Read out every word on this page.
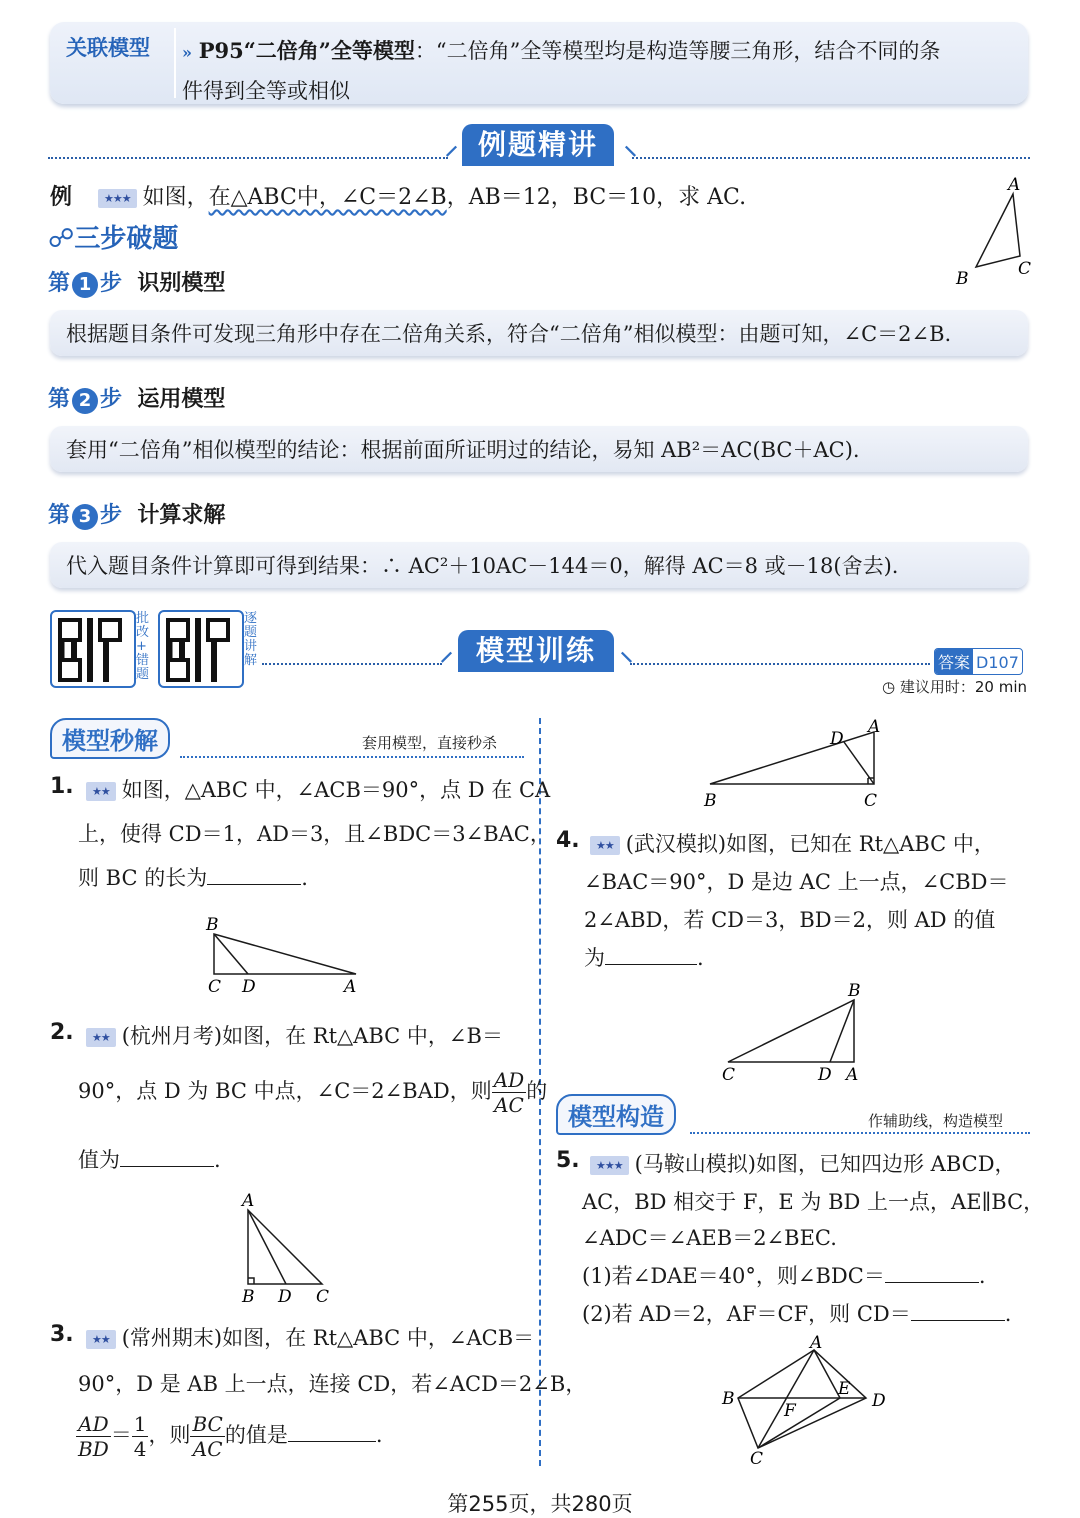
关联模型 » P95“二倍角”全等模型：“二倍角”全等模型均是构造等腰三角形，结合不同的条
件得到全等或相似
⸝ 例题精讲	⸜
例	★★★ 如图，在△ABC中，∠C＝2∠B，AB＝12，BC＝10，求 AC.	A
B	C
☍三步破题
第 1 步 识别模型
根据题目条件可发现三角形中存在二倍角关系，符合“二倍角”相似模型：由题可知，∠C＝2∠B.
第 2 步 运用模型
套用“二倍角”相似模型的结论：根据前面所证明过的结论，易知 AB²＝AC(BC＋AC).
第 3 步 计算求解
代入题目条件计算即可得到结果：∴ AC²＋10AC－144＝0，解得 AC＝8 或－18(舍去).
批
改
+
错
题
逐
题
讲
解	⸝ 模型训练 ⸜	答案 D107
◷ 建议用时：20 min
模型秒解	套用模型，直接秒杀
1.	★★ 如图，△ABC 中，∠ACB＝90°，点 D 在 CA
上，使得 CD＝1，AD＝3，且∠BDC＝3∠BAC，
则 BC 的长为	.
B
C D	A
2.	★★ (杭州月考)如图，在 Rt△ABC 中，∠B＝
90°，点 D 为 BC 中点，∠C＝2∠BAD，则 $\frac{AD}{AC}$ 的
值为	.
A
B D C
3.	★★ (常州期末)如图，在 Rt△ABC 中，∠ACB＝
90°，D 是 AB 上一点，连接 CD，若∠ACD＝2∠B，
$\frac{AD}{BD} = \frac{1}{4}$ ，则 $\frac{BC}{AC}$ 的值是	.
D
A
B	C
4.	★★ (武汉模拟)如图，已知在 Rt△ABC 中，
∠BAC＝90°，D 是边 AC 上一点，∠CBD＝
2∠ABD，若 CD＝3，BD＝2，则 AD 的值
为	.
B
C	D A
模型构造	作辅助线，构造模型
5.	★★★ (马鞍山模拟)如图，已知四边形 ABCD，
AC，BD 相交于 F，E 为 BD 上一点，AE∥BC，
∠ADC＝∠AEB＝2∠BEC.
(1)若∠DAE＝40°，则∠BDC＝	.
(2)若 AD＝2，AF＝CF，则 CD＝	.
A
B	E
D
F
C
第255页，共280页
